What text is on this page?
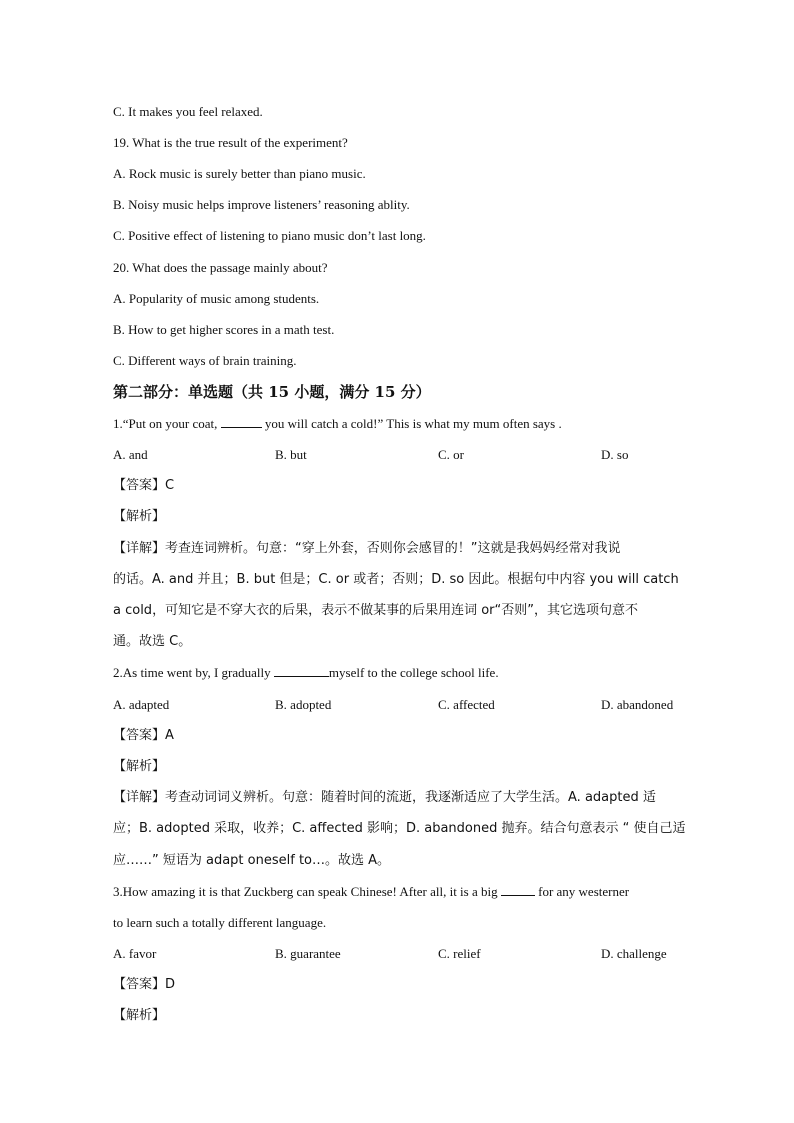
C. It makes you feel relaxed.
19. What is the true result of the experiment?
A. Rock music is surely better than piano music.
B. Noisy music helps improve listeners’ reasoning ablity.
C. Positive effect of listening to piano music don’t last long.
20. What does the passage mainly about?
A. Popularity of music among students.
B. How to get higher scores in a math test.
C. Different ways of brain training.
第二部分：单选题（共 15 小题，满分 15 分）
1.“Put on your coat,	you will catch a cold!” This is what my mum often says .
A. and	B. but	C. or	D. so
【答案】C
【解析】
【详解】考查连词辨析。句意：“穿上外套，否则你会感冒的！”这就是我妈妈经常对我说
的话。A. and 并且；B. but 但是；C. or 或者；否则；D. so 因此。根据句中内容 you will catch
a cold，可知它是不穿大衣的后果，表示不做某事的后果用连词 or“否则”，其它选项句意不
通。故选 C。
2.As time went by, I gradually	myself to the college school life.
A. adapted	B. adopted	C. affected	D. abandoned
【答案】A
【解析】
【详解】考查动词词义辨析。句意：随着时间的流逝，我逐渐适应了大学生活。A. adapted 适
应；B. adopted 采取，收养；C. affected 影响；D. abandoned 抛弃。结合句意表示 “ 使自己适
应……” 短语为 adapt oneself to…。故选 A。
3.How amazing it is that Zuckberg can speak Chinese! After all, it is a big	for any westerner
to learn such a totally different language.
A. favor	B. guarantee	C. relief	D. challenge
【答案】D
【解析】
